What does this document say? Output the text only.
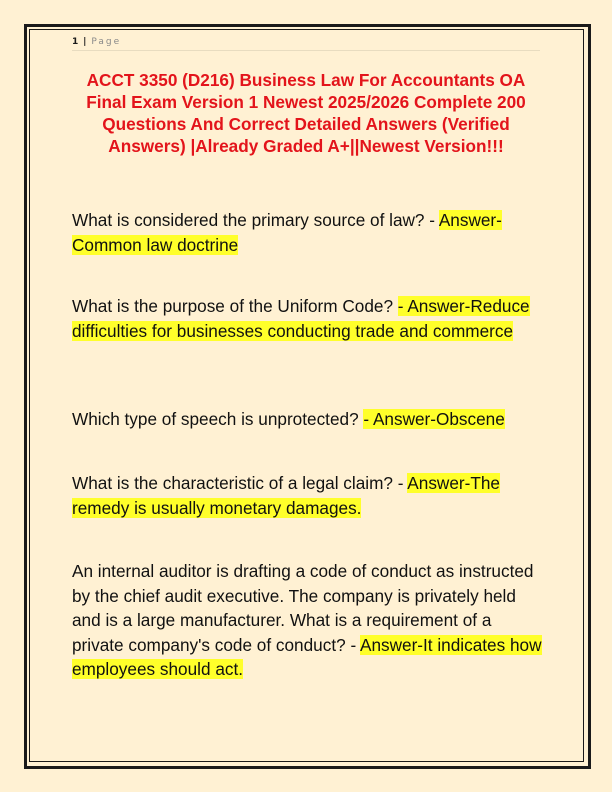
1 | Page
ACCT 3350 (D216) Business Law For Accountants OA Final Exam Version 1 Newest 2025/2026 Complete 200 Questions And Correct Detailed Answers (Verified Answers) |Already Graded A+||Newest Version!!!
What is considered the primary source of law? - Answer-Common law doctrine
What is the purpose of the Uniform Code? - Answer-Reduce difficulties for businesses conducting trade and commerce
Which type of speech is unprotected? - Answer-Obscene
What is the characteristic of a legal claim? - Answer-The remedy is usually monetary damages.
An internal auditor is drafting a code of conduct as instructed by the chief audit executive. The company is privately held and is a large manufacturer. What is a requirement of a private company's code of conduct? - Answer-It indicates how employees should act.
